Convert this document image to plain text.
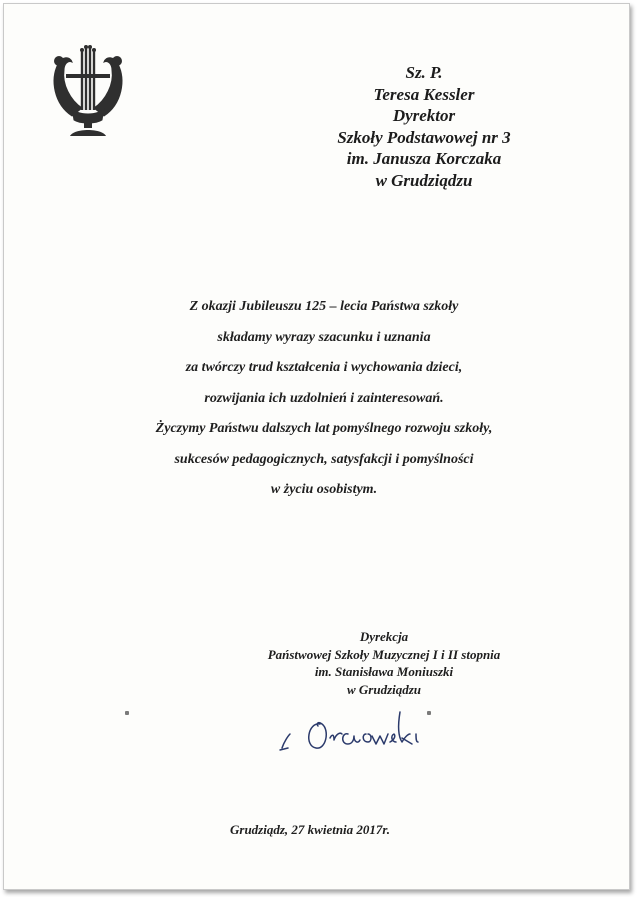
Sz. P.
Teresa Kessler
Dyrektor
Szkoły Podstawowej nr 3
im. Janusza Korczaka
w Grudziądzu
Z okazji Jubileuszu 125 – lecia Państwa szkoły
składamy wyrazy szacunku i uznania
za twórczy trud kształcenia i wychowania dzieci,
rozwijania ich uzdolnień i zainteresowań.
Życzymy Państwu dalszych lat pomyślnego rozwoju szkoły,
sukcesów pedagogicznych, satysfakcji i pomyślności
w życiu osobistym.
Dyrekcja
Państwowej Szkoły Muzycznej I i II stopnia
im. Stanisława Moniuszki
w Grudziądzu
Grudziądz, 27 kwietnia 2017r.
